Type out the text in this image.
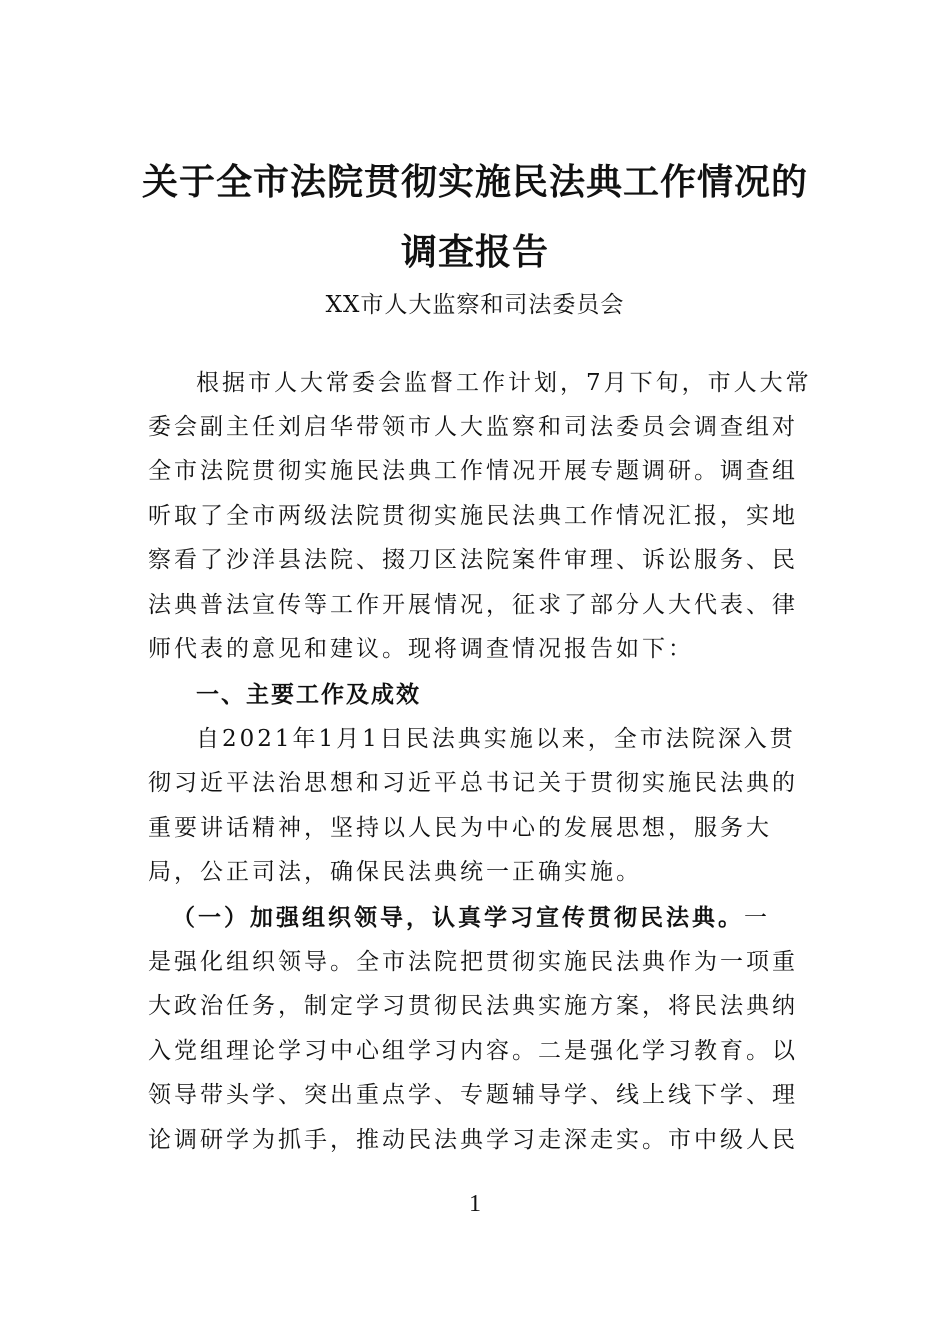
关于全市法院贯彻实施民法典工作情况的
调查报告
XX市人大监察和司法委员会
根据市人大常委会监督工作计划，7月下旬，市人大常
委会副主任刘启华带领市人大监察和司法委员会调查组对
全市法院贯彻实施民法典工作情况开展专题调研。调查组
听取了全市两级法院贯彻实施民法典工作情况汇报，实地
察看了沙洋县法院、掇刀区法院案件审理、诉讼服务、民
法典普法宣传等工作开展情况，征求了部分人大代表、律
师代表的意见和建议。现将调查情况报告如下：
一、主要工作及成效
自2021年1月1日民法典实施以来，全市法院深入贯
彻习近平法治思想和习近平总书记关于贯彻实施民法典的
重要讲话精神，坚持以人民为中心的发展思想，服务大
局，公正司法，确保民法典统一正确实施。
（一）加强组织领导，认真学习宣传贯彻民法典。一
是强化组织领导。全市法院把贯彻实施民法典作为一项重
大政治任务，制定学习贯彻民法典实施方案，将民法典纳
入党组理论学习中心组学习内容。二是强化学习教育。以
领导带头学、突出重点学、专题辅导学、线上线下学、理
论调研学为抓手，推动民法典学习走深走实。市中级人民
1
